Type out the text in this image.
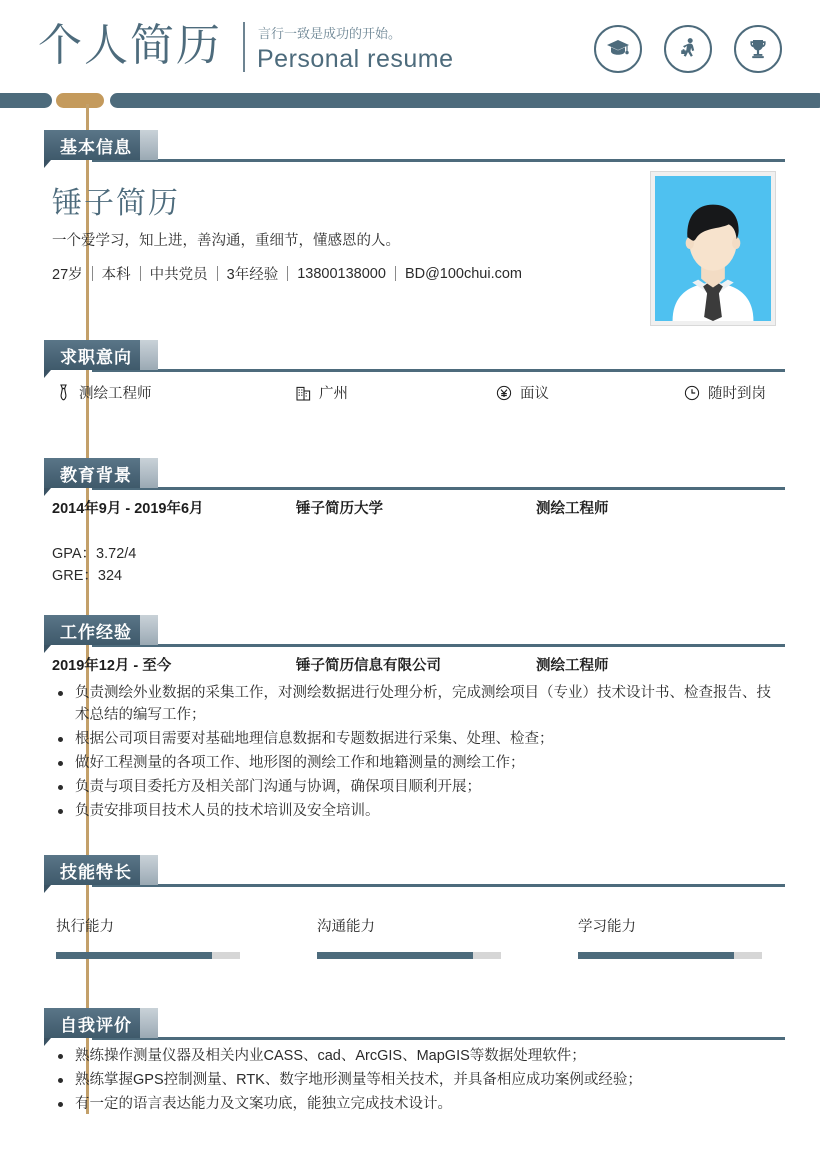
个人简历	言行一致是成功的开始。
Personal resume
基本信息
锤子简历
一个爱学习，知上进，善沟通，重细节，懂感恩的人。
27岁	本科	中共党员	3年经验	13800138000	BD@100chui.com
求职意向
测绘工程师	广州	面议	随时到岗
教育背景
2014年9月 - 2019年6月	锤子简历大学	测绘工程师
GPA：3.72/4
GRE：324
工作经验
2019年12月 - 至今	锤子简历信息有限公司	测绘工程师
负责测绘外业数据的采集工作，对测绘数据进行处理分析，完成测绘项目（专业）技术设计书、检查报告、技术总结的编写工作；
根据公司项目需要对基础地理信息数据和专题数据进行采集、处理、检查；
做好工程测量的各项工作、地形图的测绘工作和地籍测量的测绘工作；
负责与项目委托方及相关部门沟通与协调，确保项目顺利开展；
负责安排项目技术人员的技术培训及安全培训。
技能特长
执行能力	沟通能力	学习能力
自我评价
熟练操作测量仪器及相关内业CASS、cad、ArcGIS、MapGIS等数据处理软件；
熟练掌握GPS控制测量、RTK、数字地形测量等相关技术，并具备相应成功案例或经验；
有一定的语言表达能力及文案功底，能独立完成技术设计。
